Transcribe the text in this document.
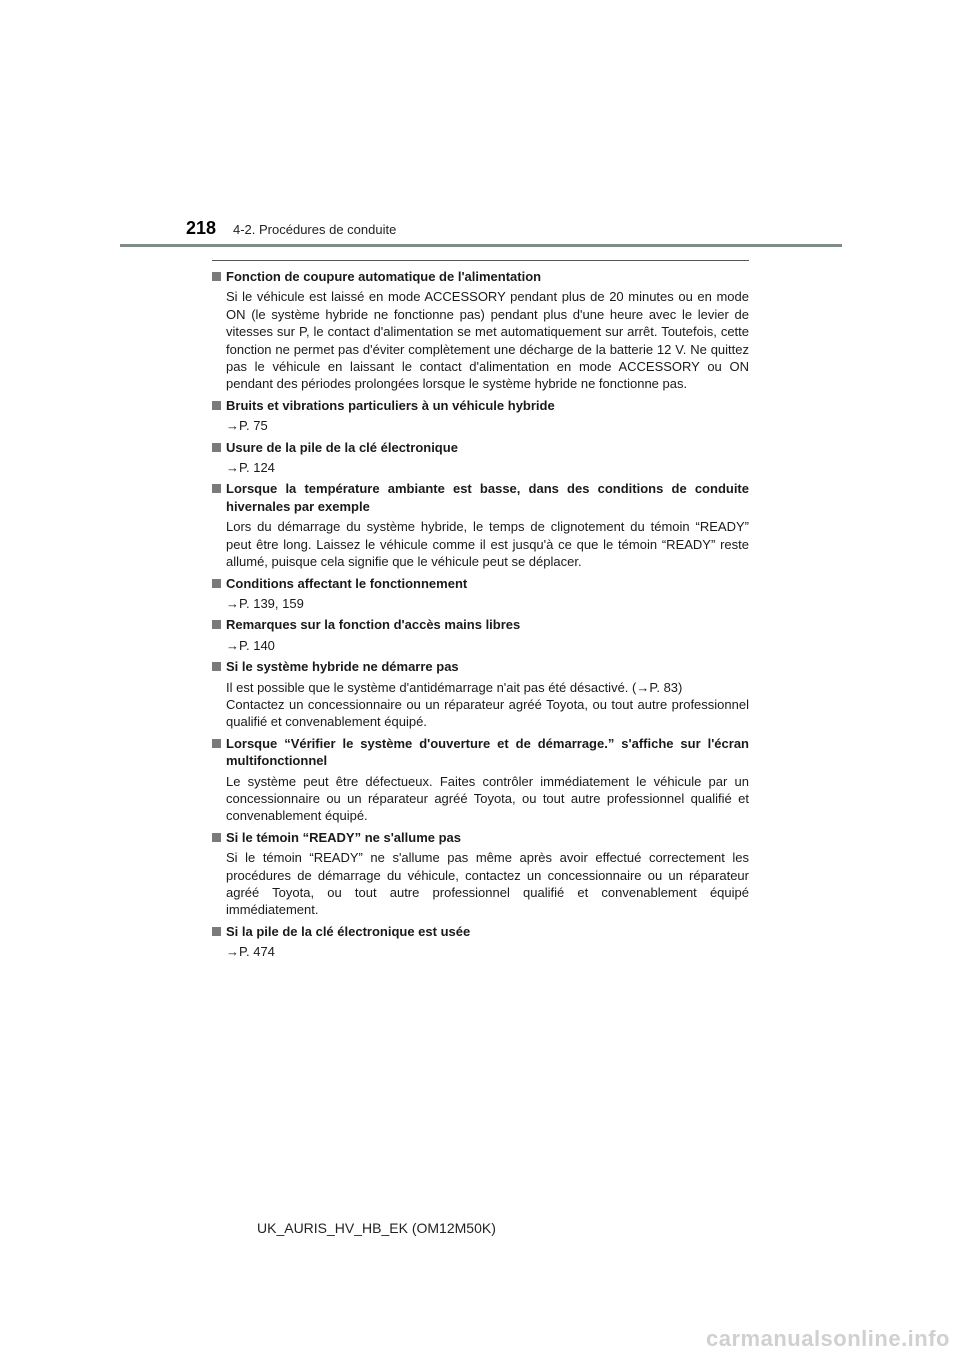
218 4-2. Procédures de conduite
Fonction de coupure automatique de l'alimentation

Si le véhicule est laissé en mode ACCESSORY pendant plus de 20 minutes ou en mode ON (le système hybride ne fonctionne pas) pendant plus d'une heure avec le levier de vitesses sur P, le contact d'alimentation se met automatiquement sur arrêt. Toutefois, cette fonction ne permet pas d'éviter complètement une décharge de la batterie 12 V. Ne quittez pas le véhicule en laissant le contact d'alimentation en mode ACCESSORY ou ON pendant des périodes prolongées lorsque le système hybride ne fonctionne pas.

Bruits et vibrations particuliers à un véhicule hybride

→P. 75

Usure de la pile de la clé électronique

→P. 124

Lorsque la température ambiante est basse, dans des conditions de conduite hivernales par exemple

Lors du démarrage du système hybride, le temps de clignotement du témoin “READY” peut être long. Laissez le véhicule comme il est jusqu'à ce que le témoin “READY” reste allumé, puisque cela signifie que le véhicule peut se déplacer.

Conditions affectant le fonctionnement

→P. 139, 159

Remarques sur la fonction d'accès mains libres

→P. 140

Si le système hybride ne démarre pas

Il est possible que le système d'antidémarrage n'ait pas été désactivé. (→P. 83)

Contactez un concessionnaire ou un réparateur agréé Toyota, ou tout autre professionnel qualifié et convenablement équipé.

Lorsque “Vérifier le système d'ouverture et de démarrage.” s'affiche sur l'écran multifonctionnel

Le système peut être défectueux. Faites contrôler immédiatement le véhicule par un concessionnaire ou un réparateur agréé Toyota, ou tout autre professionnel qualifié et convenablement équipé.

Si le témoin “READY” ne s'allume pas

Si le témoin “READY” ne s'allume pas même après avoir effectué correctement les procédures de démarrage du véhicule, contactez un concessionnaire ou un réparateur agréé Toyota, ou tout autre professionnel qualifié et convenablement équipé immédiatement.

Si la pile de la clé électronique est usée

→P. 474

UK_AURIS_HV_HB_EK (OM12M50K)
carmanualsonline.info
